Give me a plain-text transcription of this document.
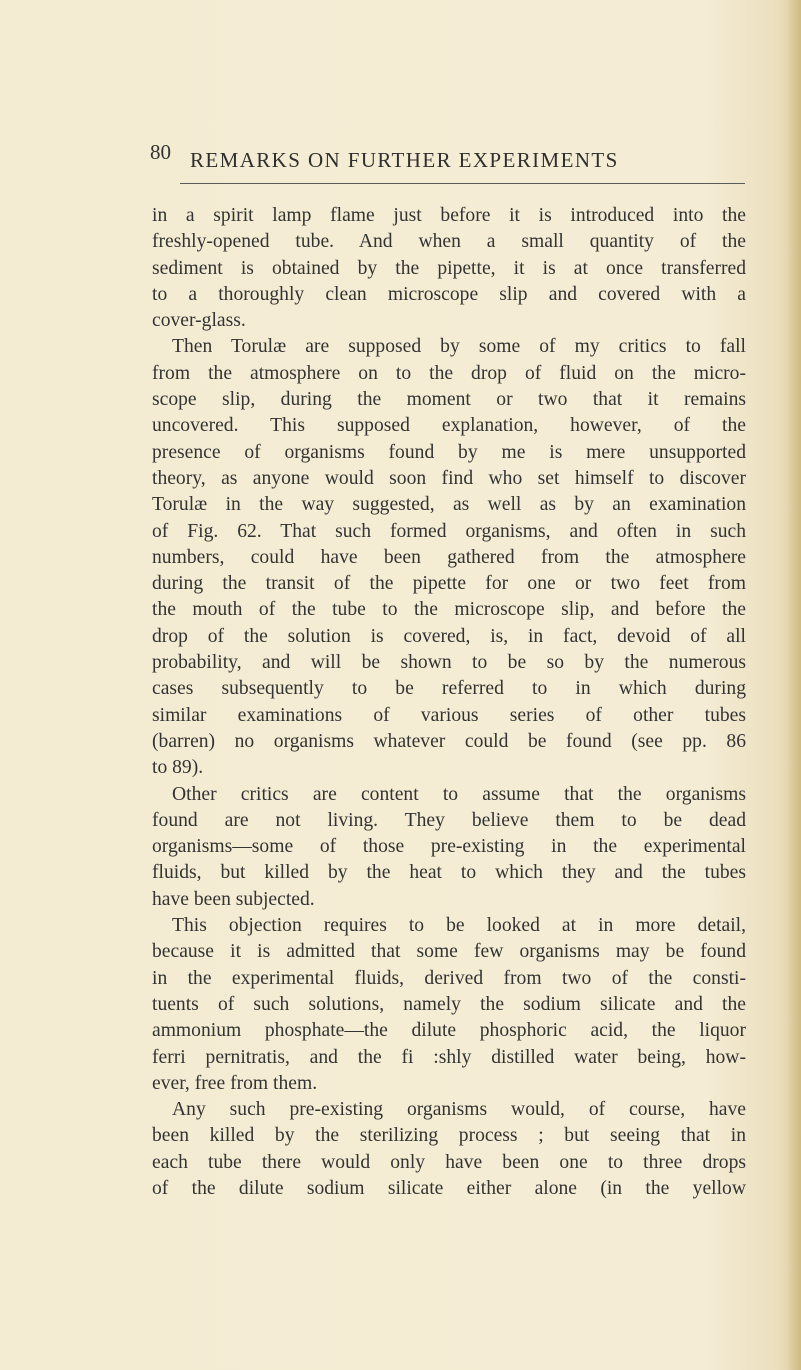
80 REMARKS ON FURTHER EXPERIMENTS
in a spirit lamp flame just before it is introduced into the
freshly-opened tube. And when a small quantity of the
sediment is obtained by the pipette, it is at once transferred
to a thoroughly clean microscope slip and covered with a
cover-glass.
Then Torulæ are supposed by some of my critics to fall
from the atmosphere on to the drop of fluid on the micro-
scope slip, during the moment or two that it remains
uncovered. This supposed explanation, however, of the
presence of organisms found by me is mere unsupported
theory, as anyone would soon find who set himself to discover
Torulæ in the way suggested, as well as by an examination
of Fig. 62. That such formed organisms, and often in such
numbers, could have been gathered from the atmosphere
during the transit of the pipette for one or two feet from
the mouth of the tube to the microscope slip, and before the
drop of the solution is covered, is, in fact, devoid of all
probability, and will be shown to be so by the numerous
cases subsequently to be referred to in which during
similar examinations of various series of other tubes
(barren) no organisms whatever could be found (see pp. 86
to 89).
Other critics are content to assume that the organisms
found are not living. They believe them to be dead
organisms—some of those pre-existing in the experimental
fluids, but killed by the heat to which they and the tubes
have been subjected.
This objection requires to be looked at in more detail,
because it is admitted that some few organisms may be found
in the experimental fluids, derived from two of the consti-
tuents of such solutions, namely the sodium silicate and the
ammonium phosphate—the dilute phosphoric acid, the liquor
ferri pernitratis, and the fi :shly distilled water being, how-
ever, free from them.
Any such pre-existing organisms would, of course, have
been killed by the sterilizing process ; but seeing that in
each tube there would only have been one to three drops
of the dilute sodium silicate either alone (in the yellow
